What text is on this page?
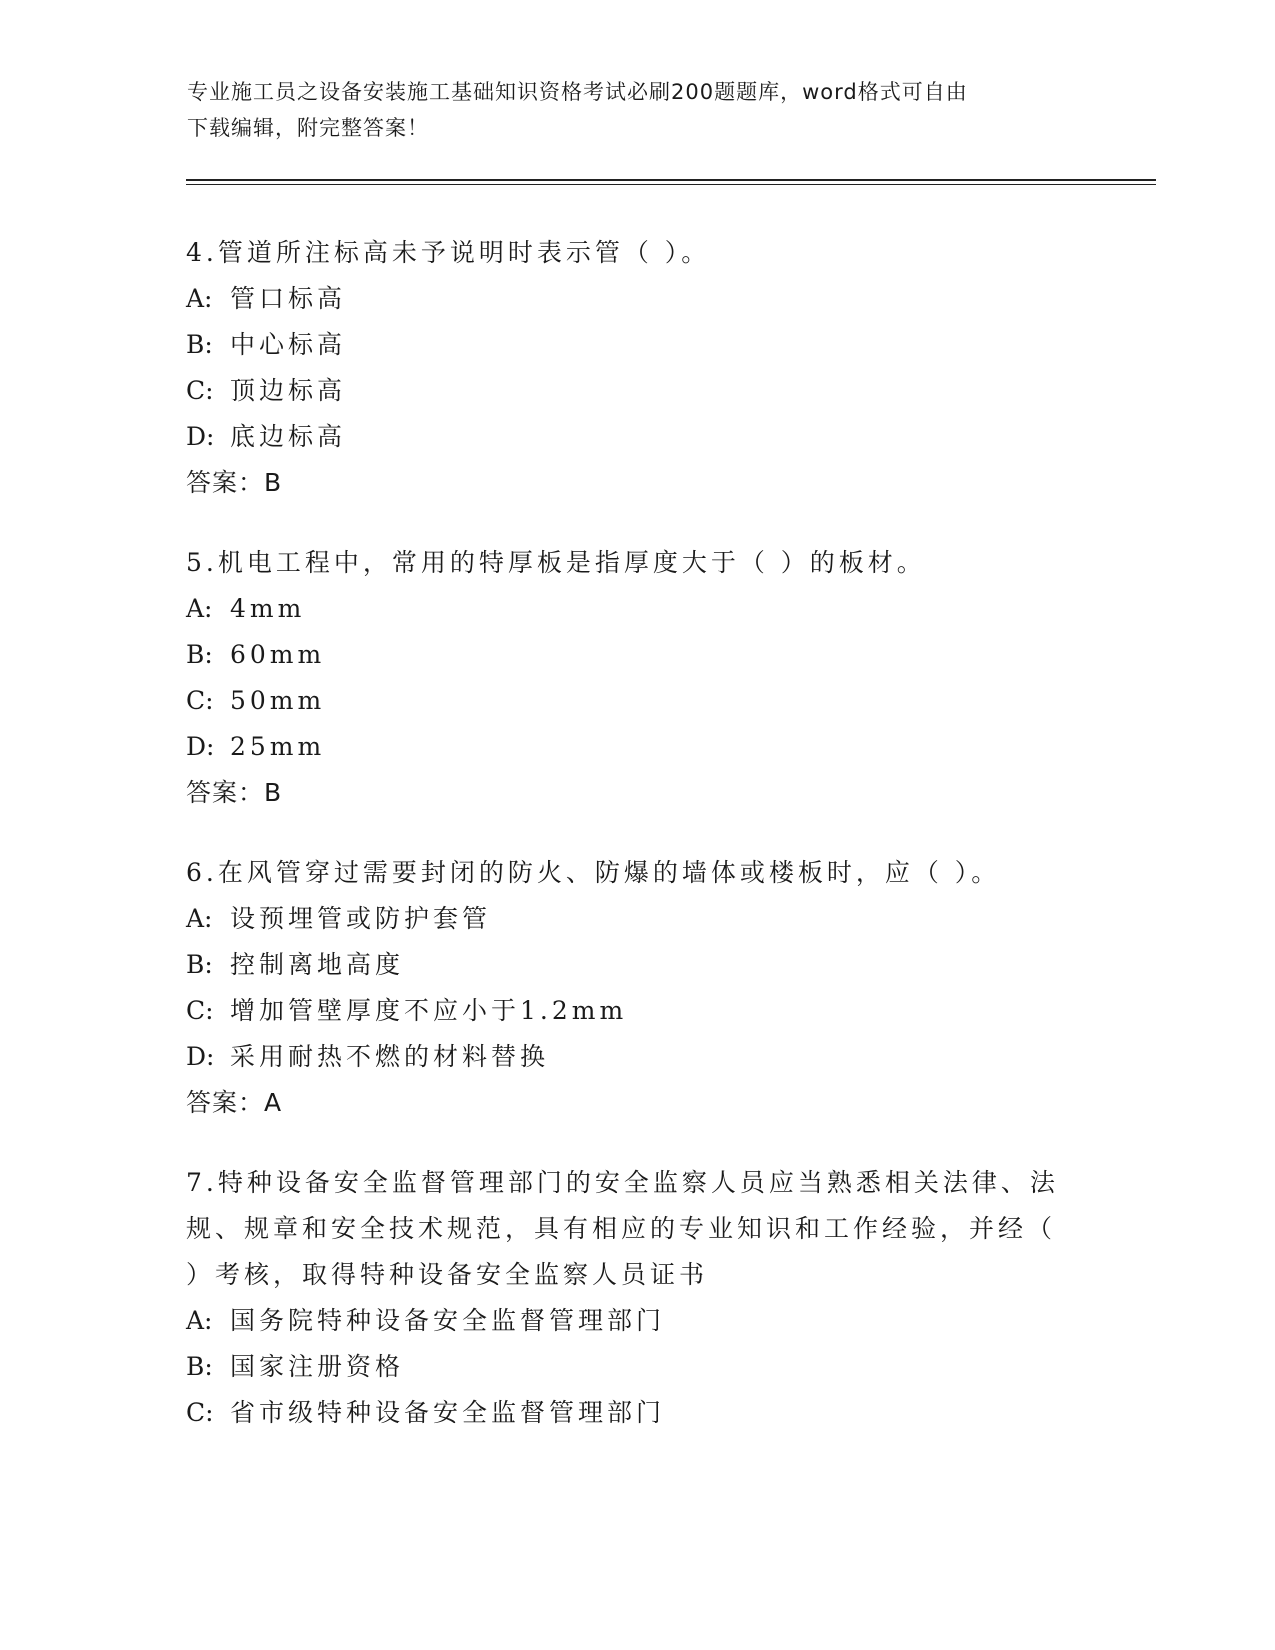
专业施工员之设备安装施工基础知识资格考试必刷200题题库，word格式可自由
下载编辑，附完整答案！
4.管道所注标高未予说明时表示管（ ）。
A: 管口标高
B: 中心标高
C: 顶边标高
D: 底边标高
答案：B
5.机电工程中，常用的特厚板是指厚度大于（ ）的板材。
A: 4mm
B: 60mm
C: 50mm
D: 25mm
答案：B
6.在风管穿过需要封闭的防火、防爆的墙体或楼板时，应（ ）。
A: 设预埋管或防护套管
B: 控制离地高度
C: 增加管壁厚度不应小于1.2mm
D: 采用耐热不燃的材料替换
答案：A
7.特种设备安全监督管理部门的安全监察人员应当熟悉相关法律、法
规、规章和安全技术规范，具有相应的专业知识和工作经验，并经（
）考核，取得特种设备安全监察人员证书
A: 国务院特种设备安全监督管理部门
B: 国家注册资格
C: 省市级特种设备安全监督管理部门
